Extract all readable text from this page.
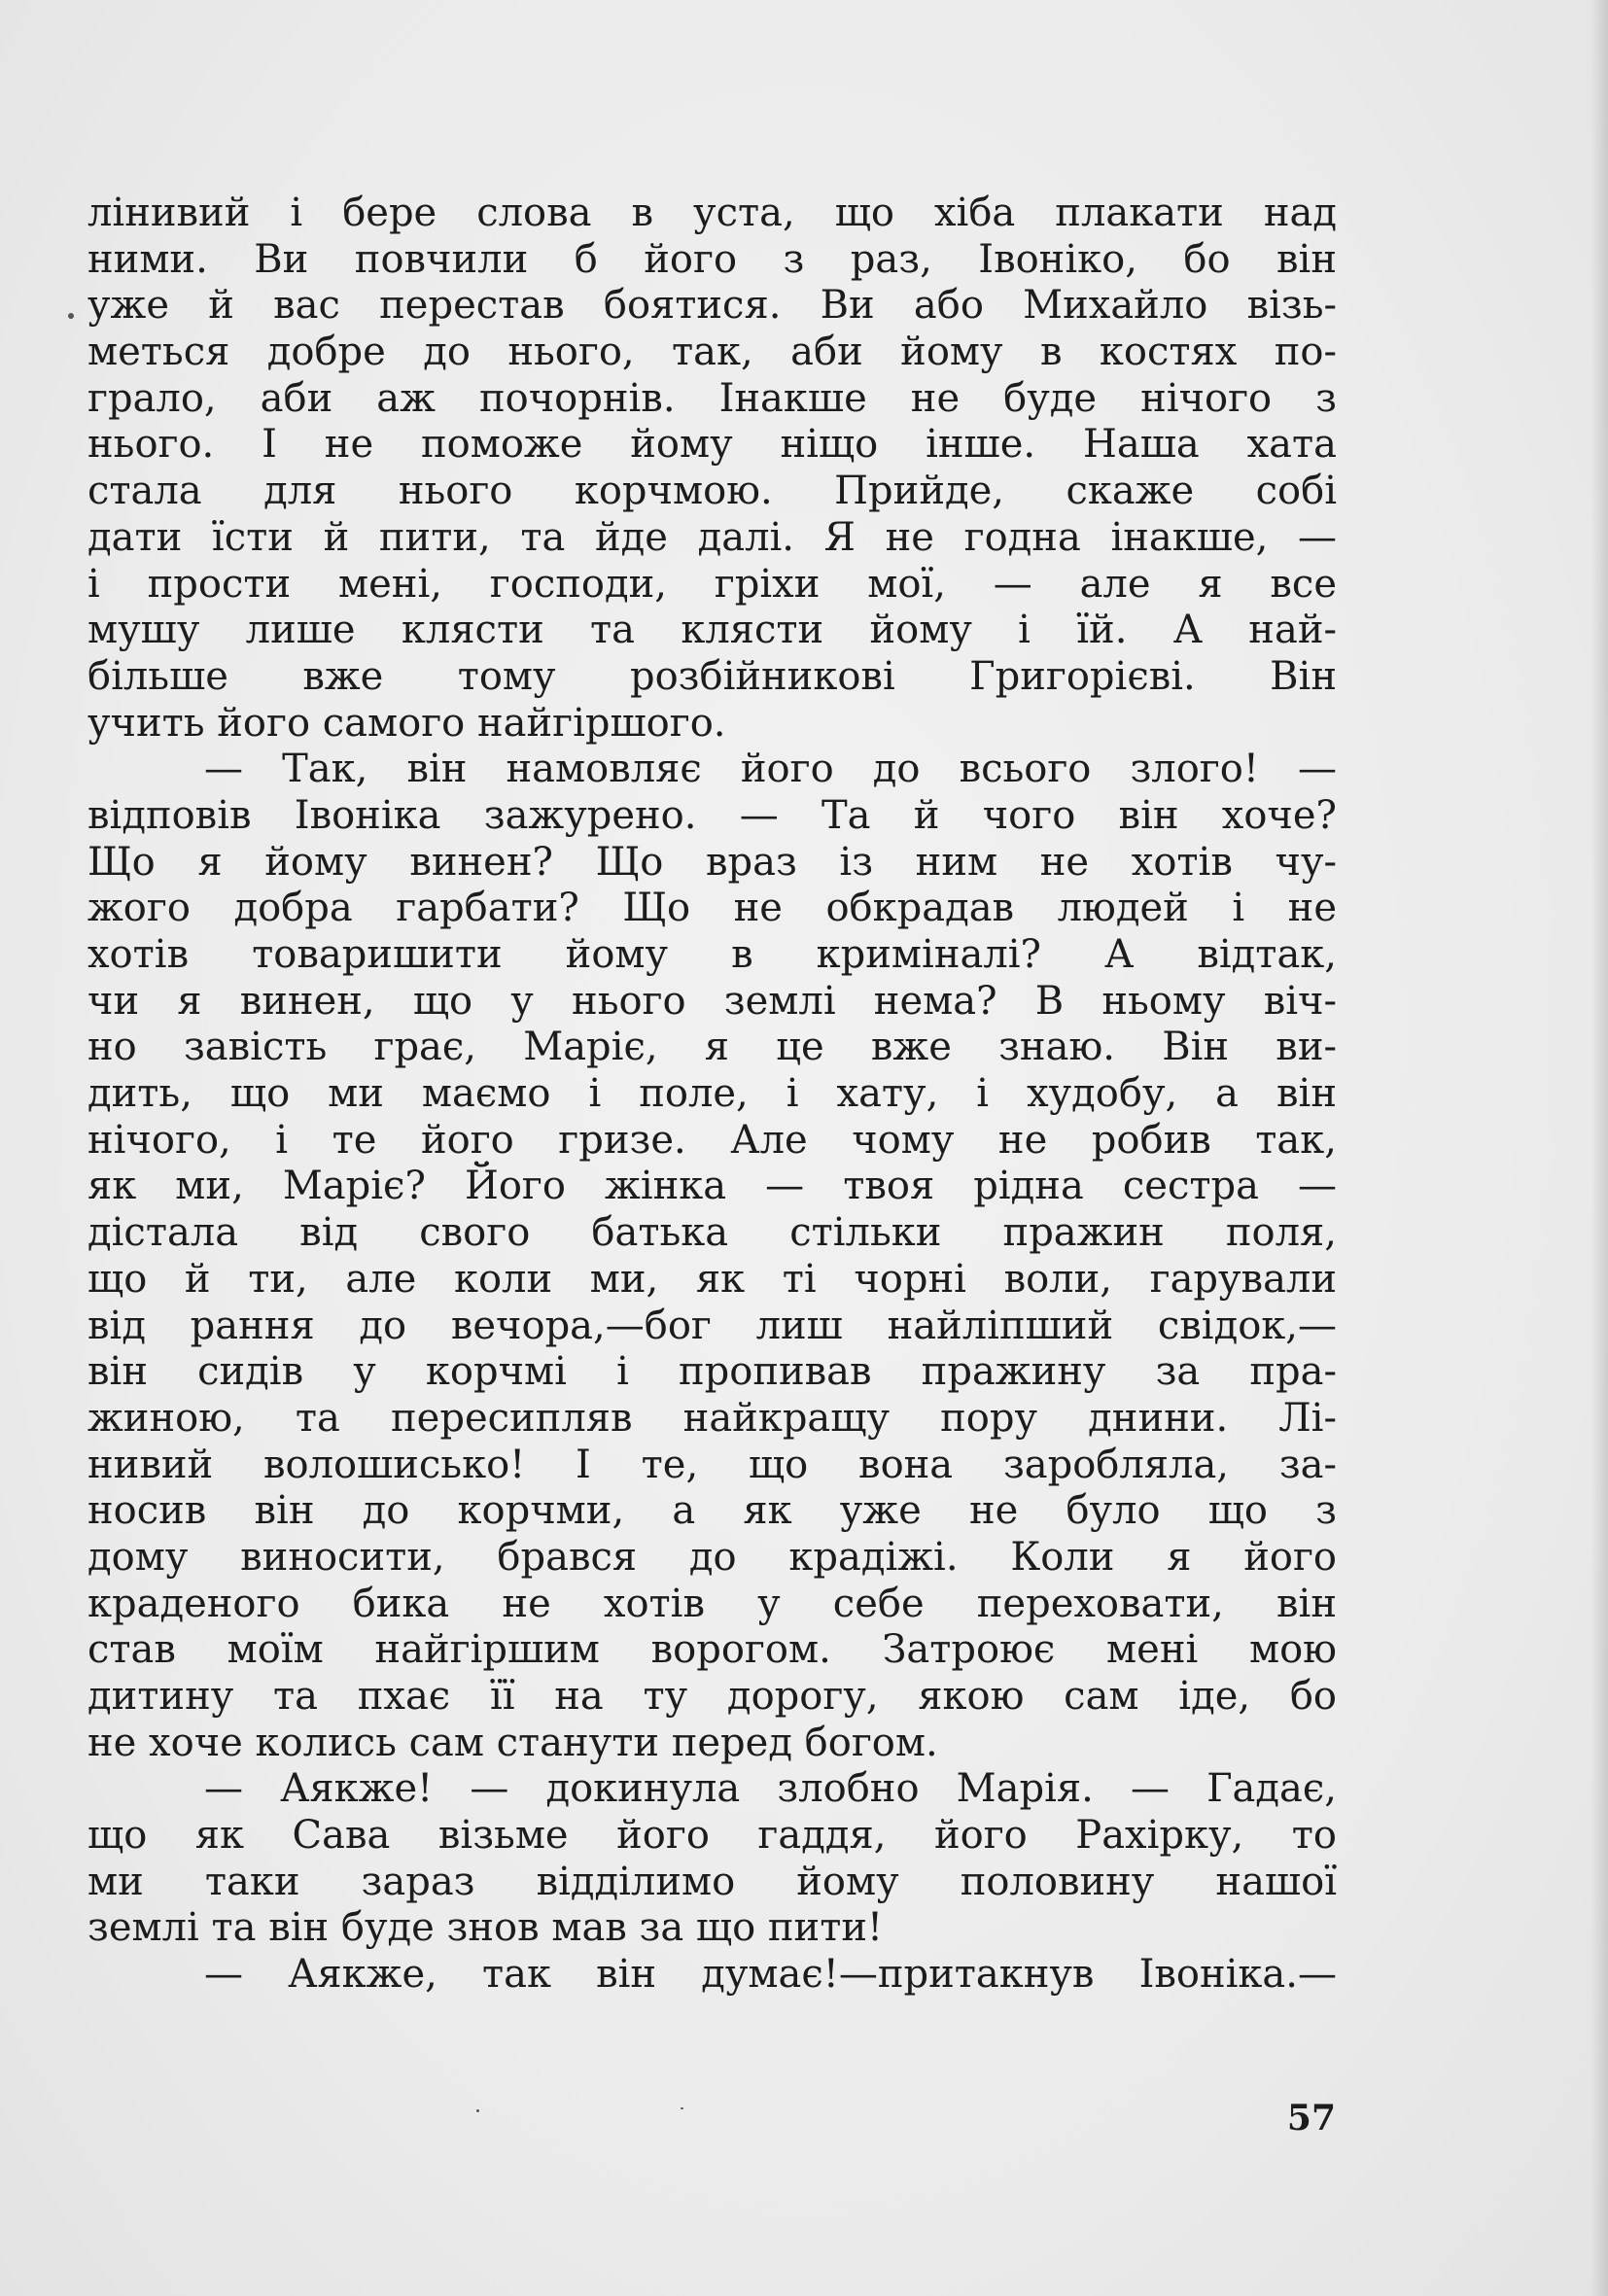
лінивий і бере слова в уста, що хіба плакати над
ними. Ви повчили б його з раз, Івоніко, бо він
уже й вас перестав боятися. Ви або Михайло візь-
меться добре до нього, так, аби йому в костях по-
грало, аби аж почорнів. Інакше не буде нічого з
нього. І не поможе йому ніщо інше. Наша хата
стала для нього корчмою. Прийде, скаже собі
дати їсти й пити, та йде далі. Я не годна інакше, —
і прости мені, господи, гріхи мої, — але я все
мушу лише клясти та клясти йому і їй. А най-
більше вже тому розбійникові Григорієві. Він
учить його самого найгіршого.
— Так, він намовляє його до всього злого! —
відповів Івоніка зажурено. — Та й чого він хоче?
Що я йому винен? Що враз із ним не хотів чу-
жого добра гарбати? Що не обкрадав людей і не
хотів товаришити йому в криміналі? А відтак,
чи я винен, що у нього землі нема? В ньому віч-
но завість грає, Маріє, я це вже знаю. Він ви-
дить, що ми маємо і поле, і хату, і худобу, а він
нічого, і те його гризе. Але чому не робив так,
як ми, Маріє? Його жінка — твоя рідна сестра —
дістала від свого батька стільки пражин поля,
що й ти, але коли ми, як ті чорні воли, гарували
від рання до вечора,—бог лиш найліпший свідок,—
він сидів у корчмі і пропивав пражину за пра-
жиною, та пересипляв найкращу пору днини. Лі-
нивий волошисько! І те, що вона заробляла, за-
носив він до корчми, а як уже не було що з
дому виносити, брався до крадіжі. Коли я його
краденого бика не хотів у себе переховати, він
став моїм найгіршим ворогом. Затроює мені мою
дитину та пхає її на ту дорогу, якою сам іде, бо
не хоче колись сам станути перед богом.
— Аякже! — докинула злобно Марія. — Гадає,
що як Сава візьме його гаддя, його Рахірку, то
ми таки зараз відділимо йому половину нашої
землі та він буде знов мав за що пити!
— Аякже, так він думає!—притакнув Івоніка.—
57
